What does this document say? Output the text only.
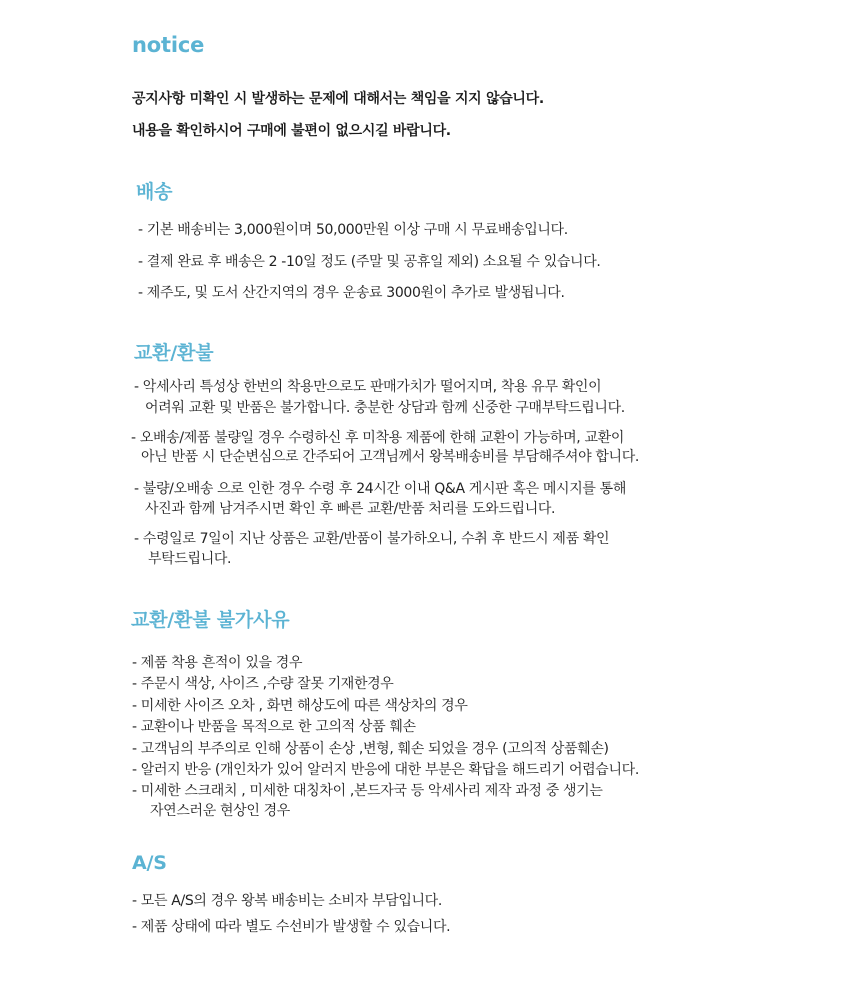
notice
공지사항 미확인 시 발생하는 문제에 대해서는 책임을 지지 않습니다.
내용을 확인하시어 구매에 불편이 없으시길 바랍니다.
배송
- 기본 배송비는 3,000원이며 50,000만원 이상 구매 시 무료배송입니다.
- 결제 완료 후 배송은 2 -10일 정도 (주말 및 공휴일 제외) 소요될 수 있습니다.
- 제주도, 및 도서 산간지역의 경우 운송료 3000원이 추가로 발생됩니다.
교환/환불
- 악세사리 특성상 한번의 착용만으로도 판매가치가 떨어지며, 착용 유무 확인이
어려워 교환 및 반품은 불가합니다. 충분한 상담과 함께 신중한 구매부탁드립니다.
- 오배송/제품 불량일 경우 수령하신 후 미착용 제품에 한해 교환이 가능하며, 교환이
아닌 반품 시 단순변심으로 간주되어 고객님께서 왕복배송비를 부담해주셔야 합니다.
- 불량/오배송 으로 인한 경우 수령 후 24시간 이내 Q&A 게시판 혹은 메시지를 통해
사진과 함께 남겨주시면 확인 후 빠른 교환/반품 처리를 도와드립니다.
- 수령일로 7일이 지난 상품은 교환/반품이 불가하오니, 수취 후 반드시 제품 확인
부탁드립니다.
교환/환불 불가사유
- 제품 착용 흔적이 있을 경우
- 주문시 색상, 사이즈 ,수량 잘못 기재한경우
- 미세한 사이즈 오차 , 화면 해상도에 따른 색상차의 경우
- 교환이나 반품을 목적으로 한 고의적 상품 훼손
- 고객님의 부주의로 인해 상품이 손상 ,변형, 훼손 되었을 경우 (고의적 상품훼손)
- 알러지 반응 (개인차가 있어 알러지 반응에 대한 부분은 확답을 해드리기 어렵습니다.
- 미세한 스크래치 , 미세한 대칭차이 ,본드자국 등 악세사리 제작 과정 중 생기는
자연스러운 현상인 경우
A/S
- 모든 A/S의 경우 왕복 배송비는 소비자 부담입니다.
- 제품 상태에 따라 별도 수선비가 발생할 수 있습니다.
